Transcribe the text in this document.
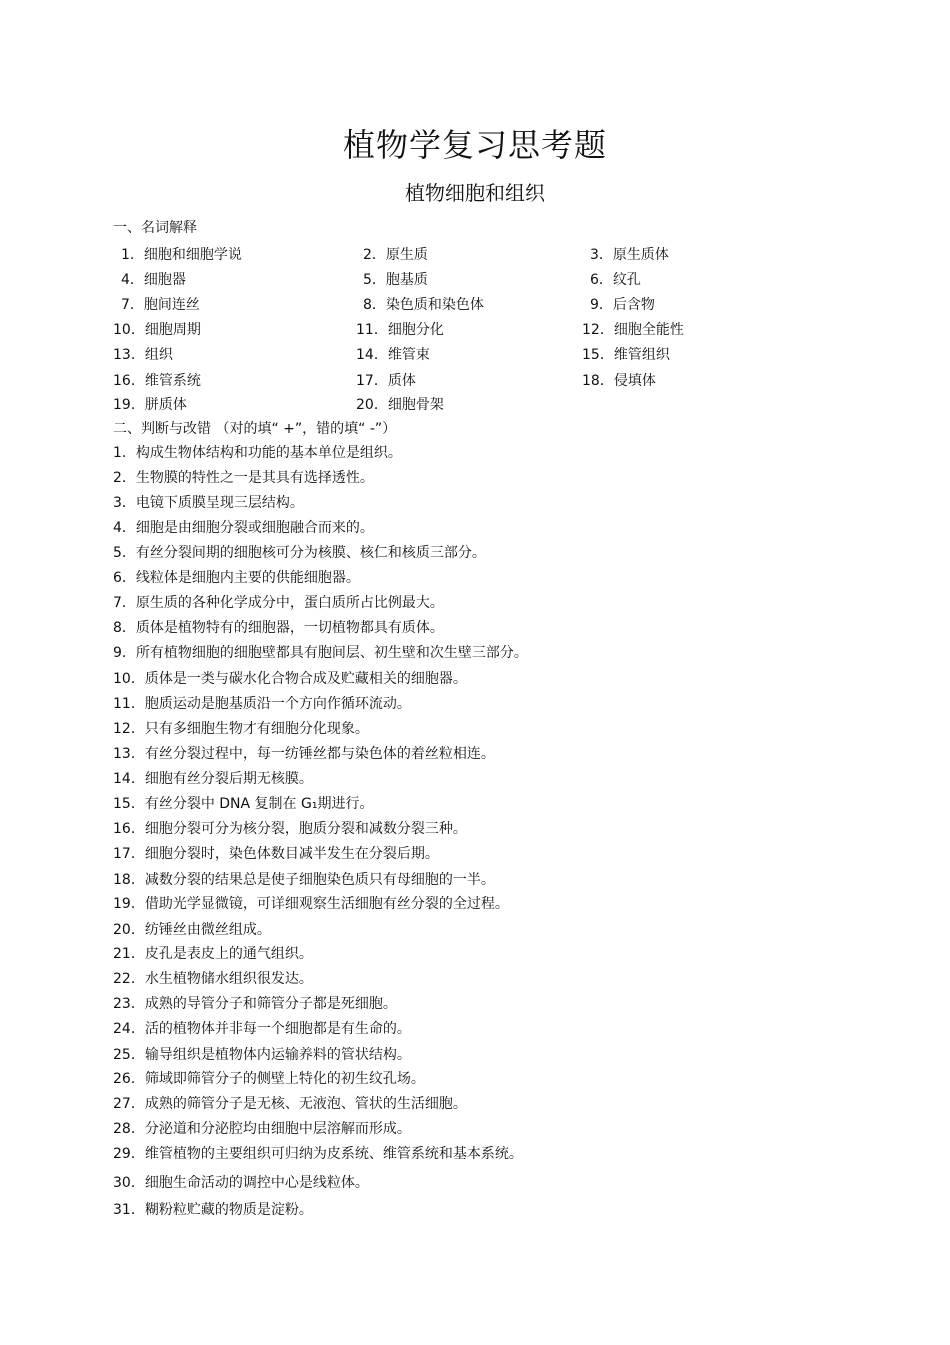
植物学复习思考题
植物细胞和组织
一、名词解释
1．细胞和细胞学说	2．原生质	3．原生质体
4．细胞器	5．胞基质	6．纹孔
7．胞间连丝	8．染色质和染色体	9．后含物
10．细胞周期	11．细胞分化	12．细胞全能性
13．组织	14．维管束	15．维管组织
16．维管系统	17．质体	18．侵填体
19．胼质体	20．细胞骨架
二、判断与改错 （对的填“ +”，错的填“ -”）
1．构成生物体结构和功能的基本单位是组织。
2．生物膜的特性之一是其具有选择透性。
3．电镜下质膜呈现三层结构。
4．细胞是由细胞分裂或细胞融合而来的。
5．有丝分裂间期的细胞核可分为核膜、核仁和核质三部分。
6．线粒体是细胞内主要的供能细胞器。
7．原生质的各种化学成分中，蛋白质所占比例最大。
8．质体是植物特有的细胞器，一切植物都具有质体。
9．所有植物细胞的细胞壁都具有胞间层、初生壁和次生壁三部分。
10．质体是一类与碳水化合物合成及贮藏相关的细胞器。
11．胞质运动是胞基质沿一个方向作循环流动。
12．只有多细胞生物才有细胞分化现象。
13．有丝分裂过程中，每一纺锤丝都与染色体的着丝粒相连。
14．细胞有丝分裂后期无核膜。
15．有丝分裂中 DNA 复制在 G₁期进行。
16．细胞分裂可分为核分裂，胞质分裂和减数分裂三种。
17．细胞分裂时，染色体数目减半发生在分裂后期。
18．减数分裂的结果总是使子细胞染色质只有母细胞的一半。
19．借助光学显微镜，可详细观察生活细胞有丝分裂的全过程。
20．纺锤丝由微丝组成。
21．皮孔是表皮上的通气组织。
22．水生植物储水组织很发达。
23．成熟的导管分子和筛管分子都是死细胞。
24．活的植物体并非每一个细胞都是有生命的。
25．输导组织是植物体内运输养料的管状结构。
26．筛域即筛管分子的侧壁上特化的初生纹孔场。
27．成熟的筛管分子是无核、无液泡、管状的生活细胞。
28．分泌道和分泌腔均由细胞中层溶解而形成。
29．维管植物的主要组织可归纳为皮系统、维管系统和基本系统。
30．细胞生命活动的调控中心是线粒体。
31．糊粉粒贮藏的物质是淀粉。
